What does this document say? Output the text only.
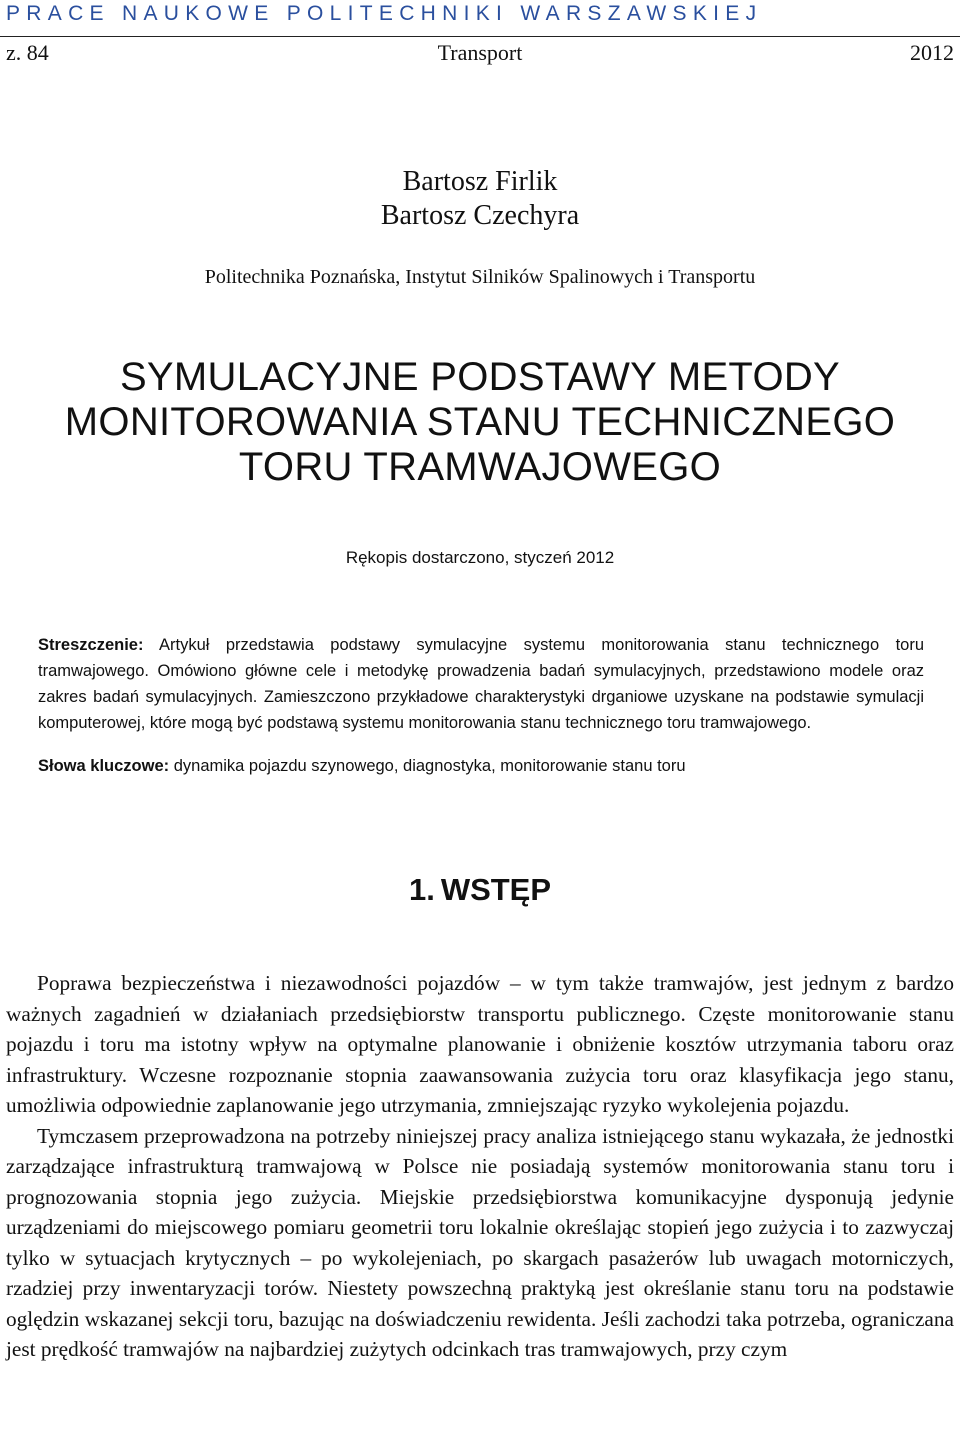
PRACE NAUKOWE POLITECHNIKI WARSZAWSKIEJ
z. 84	Transport	2012
Bartosz Firlik
Bartosz Czechyra
Politechnika Poznańska, Instytut Silników Spalinowych i Transportu
SYMULACYJNE PODSTAWY METODY
MONITOROWANIA STANU TECHNICZNEGO
TORU TRAMWAJOWEGO
Rękopis dostarczono, styczeń 2012
Streszczenie: Artykuł przedstawia podstawy symulacyjne systemu monitorowania stanu technicznego toru tramwajowego. Omówiono główne cele i metodykę prowadzenia badań symulacyjnych, przedstawiono modele oraz zakres badań symulacyjnych. Zamieszczono przykładowe charakterystyki drganiowe uzyskane na podstawie symulacji komputerowej, które mogą być podstawą systemu monitorowania stanu technicznego toru tramwajowego.
Słowa kluczowe: dynamika pojazdu szynowego, diagnostyka, monitorowanie stanu toru
1. WSTĘP

Poprawa bezpieczeństwa i niezawodności pojazdów – w tym także tramwajów, jest jednym z bardzo ważnych zagadnień w działaniach przedsiębiorstw transportu publicznego. Częste monitorowanie stanu pojazdu i toru ma istotny wpływ na optymalne planowanie i obniżenie kosztów utrzymania taboru oraz infrastruktury. Wczesne rozpoznanie stopnia zaawansowania zużycia toru oraz klasyfikacja jego stanu, umożliwia odpowiednie zaplanowanie jego utrzymania, zmniejszając ryzyko wykolejenia pojazdu.

Tymczasem przeprowadzona na potrzeby niniejszej pracy analiza istniejącego stanu wykazała, że jednostki zarządzające infrastrukturą tramwajową w Polsce nie posiadają systemów monitorowania stanu toru i prognozowania stopnia jego zużycia. Miejskie przedsiębiorstwa komunikacyjne dysponują jedynie urządzeniami do miejscowego pomiaru geometrii toru lokalnie określając stopień jego zużycia i to zazwyczaj tylko w sytuacjach krytycznych – po wykolejeniach, po skargach pasażerów lub uwagach motorniczych, rzadziej przy inwentaryzacji torów. Niestety powszechną praktyką jest określanie stanu toru na podstawie oględzin wskazanej sekcji toru, bazując na doświadczeniu rewidenta. Jeśli zachodzi taka potrzeba, ograniczana jest prędkość tramwajów na najbardziej zużytych odcinkach tras tramwajowych, przy czym
